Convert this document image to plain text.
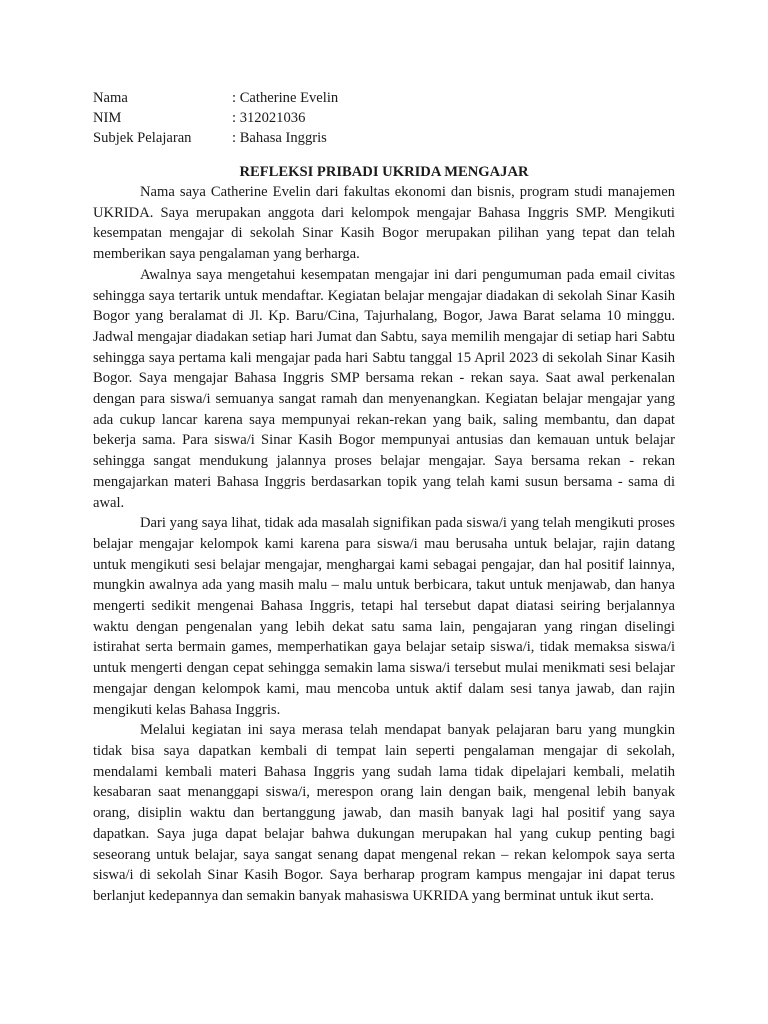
Nama	: Catherine Evelin
NIM	: 312021036
Subjek Pelajaran	: Bahasa Inggris
REFLEKSI PRIBADI UKRIDA MENGAJAR

Nama saya Catherine Evelin dari fakultas ekonomi dan bisnis, program studi manajemen UKRIDA. Saya merupakan anggota dari kelompok mengajar Bahasa Inggris SMP. Mengikuti kesempatan mengajar di sekolah Sinar Kasih Bogor merupakan pilihan yang tepat dan telah memberikan saya pengalaman yang berharga.

Awalnya saya mengetahui kesempatan mengajar ini dari pengumuman pada email civitas sehingga saya tertarik untuk mendaftar. Kegiatan belajar mengajar diadakan di sekolah Sinar Kasih Bogor yang beralamat di Jl. Kp. Baru/Cina, Tajurhalang, Bogor, Jawa Barat selama 10 minggu. Jadwal mengajar diadakan setiap hari Jumat dan Sabtu, saya memilih mengajar di setiap hari Sabtu sehingga saya pertama kali mengajar pada hari Sabtu tanggal 15 April 2023 di sekolah Sinar Kasih Bogor. Saya mengajar Bahasa Inggris SMP bersama rekan - rekan saya. Saat awal perkenalan dengan para siswa/i semuanya sangat ramah dan menyenangkan. Kegiatan belajar mengajar yang ada cukup lancar karena saya mempunyai rekan-rekan yang baik, saling membantu, dan dapat bekerja sama. Para siswa/i Sinar Kasih Bogor mempunyai antusias dan kemauan untuk belajar sehingga sangat mendukung jalannya proses belajar mengajar. Saya bersama rekan - rekan mengajarkan materi Bahasa Inggris berdasarkan topik yang telah kami susun bersama - sama di awal.

Dari yang saya lihat, tidak ada masalah signifikan pada siswa/i yang telah mengikuti proses belajar mengajar kelompok kami karena para siswa/i mau berusaha untuk belajar, rajin datang untuk mengikuti sesi belajar mengajar, menghargai kami sebagai pengajar, dan hal positif lainnya, mungkin awalnya ada yang masih malu – malu untuk berbicara, takut untuk menjawab, dan hanya mengerti sedikit mengenai Bahasa Inggris, tetapi hal tersebut dapat diatasi seiring berjalannya waktu dengan pengenalan yang lebih dekat satu sama lain, pengajaran yang ringan diselingi istirahat serta bermain games, memperhatikan gaya belajar setaip siswa/i, tidak memaksa siswa/i untuk mengerti dengan cepat sehingga semakin lama siswa/i tersebut mulai menikmati sesi belajar mengajar dengan kelompok kami, mau mencoba untuk aktif dalam sesi tanya jawab, dan rajin mengikuti kelas Bahasa Inggris.

Melalui kegiatan ini saya merasa telah mendapat banyak pelajaran baru yang mungkin tidak bisa saya dapatkan kembali di tempat lain seperti pengalaman mengajar di sekolah, mendalami kembali materi Bahasa Inggris yang sudah lama tidak dipelajari kembali, melatih kesabaran saat menanggapi siswa/i, merespon orang lain dengan baik, mengenal lebih banyak orang, disiplin waktu dan bertanggung jawab, dan masih banyak lagi hal positif yang saya dapatkan. Saya juga dapat belajar bahwa dukungan merupakan hal yang cukup penting bagi seseorang untuk belajar, saya sangat senang dapat mengenal rekan – rekan kelompok saya serta siswa/i di sekolah Sinar Kasih Bogor. Saya berharap program kampus mengajar ini dapat terus berlanjut kedepannya dan semakin banyak mahasiswa UKRIDA yang berminat untuk ikut serta.
